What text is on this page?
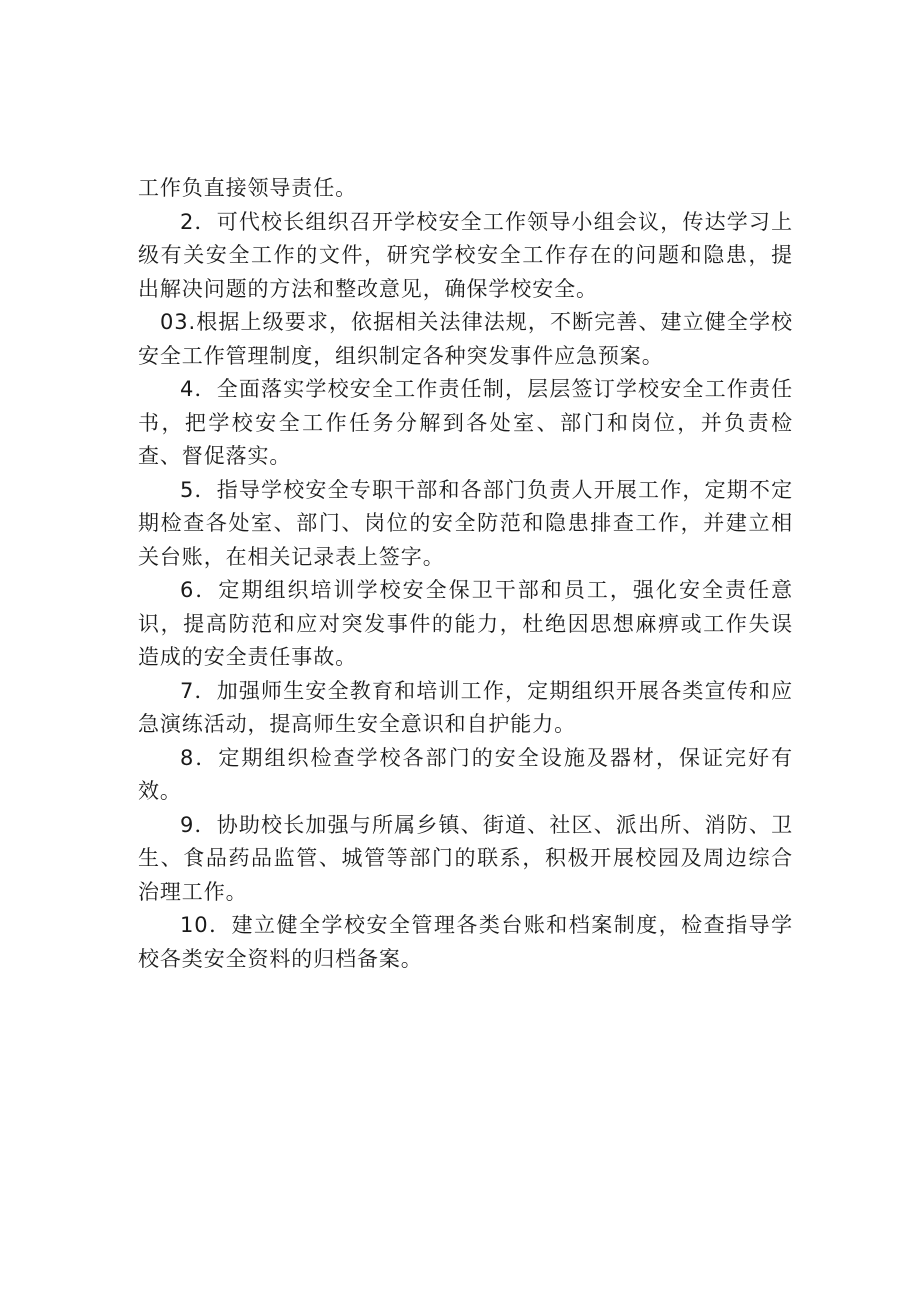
工作负直接领导责任。

2．可代校长组织召开学校安全工作领导小组会议，传达学习上级有关安全工作的文件，研究学校安全工作存在的问题和隐患，提出解决问题的方法和整改意见，确保学校安全。

03.根据上级要求，依据相关法律法规，不断完善、建立健全学校安全工作管理制度，组织制定各种突发事件应急预案。

4．全面落实学校安全工作责任制，层层签订学校安全工作责任书，把学校安全工作任务分解到各处室、部门和岗位，并负责检查、督促落实。

5．指导学校安全专职干部和各部门负责人开展工作，定期不定期检查各处室、部门、岗位的安全防范和隐患排查工作，并建立相关台账，在相关记录表上签字。

6．定期组织培训学校安全保卫干部和员工，强化安全责任意识，提高防范和应对突发事件的能力，杜绝因思想麻痹或工作失误造成的安全责任事故。

7．加强师生安全教育和培训工作，定期组织开展各类宣传和应急演练活动，提高师生安全意识和自护能力。

8．定期组织检查学校各部门的安全设施及器材，保证完好有效。

9．协助校长加强与所属乡镇、街道、社区、派出所、消防、卫生、食品药品监管、城管等部门的联系，积极开展校园及周边综合治理工作。

10．建立健全学校安全管理各类台账和档案制度，检查指导学校各类安全资料的归档备案。
